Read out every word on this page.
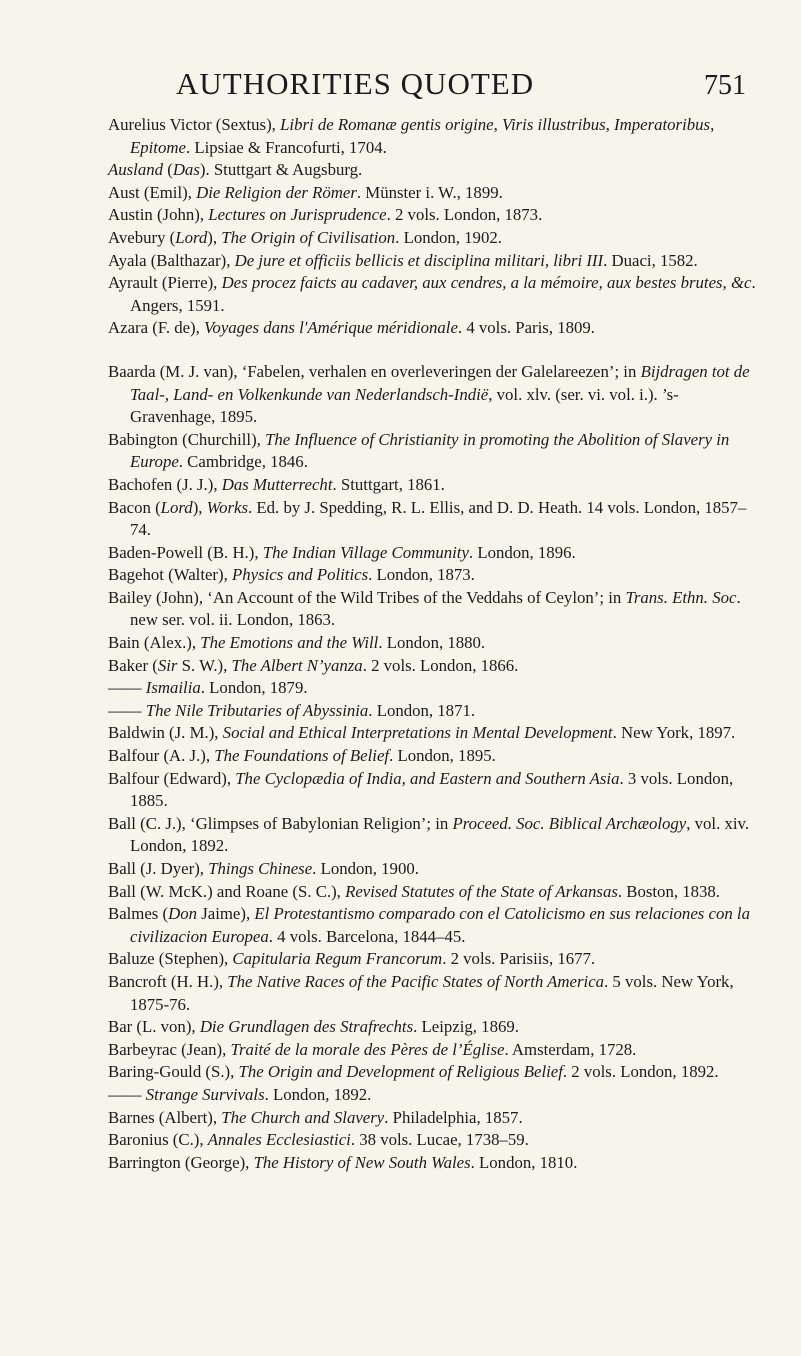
AUTHORITIES QUOTED	751

Aurelius Victor (Sextus), Libri de Romanæ gentis origine, Viris illustribus, Imperatoribus, Epitome. Lipsiae & Francofurti, 1704.

Ausland (Das). Stuttgart & Augsburg.

Aust (Emil), Die Religion der Römer. Münster i. W., 1899.

Austin (John), Lectures on Jurisprudence. 2 vols. London, 1873.

Avebury (Lord), The Origin of Civilisation. London, 1902.

Ayala (Balthazar), De jure et officiis bellicis et disciplina militari, libri III. Duaci, 1582.

Ayrault (Pierre), Des procez faicts au cadaver, aux cendres, a la mémoire, aux bestes brutes, &c. Angers, 1591.

Azara (F. de), Voyages dans l'Amérique méridionale. 4 vols. Paris, 1809.

Baarda (M. J. van), ‘Fabelen, verhalen en overleveringen der Galelareezen’; in Bijdragen tot de Taal-, Land- en Volkenkunde van Nederlandsch-Indië, vol. xlv. (ser. vi. vol. i.). ’s-Gravenhage, 1895.

Babington (Churchill), The Influence of Christianity in promoting the Abolition of Slavery in Europe. Cambridge, 1846.

Bachofen (J. J.), Das Mutterrecht. Stuttgart, 1861.

Bacon (Lord), Works. Ed. by J. Spedding, R. L. Ellis, and D. D. Heath. 14 vols. London, 1857–74.

Baden-Powell (B. H.), The Indian Village Community. London, 1896.

Bagehot (Walter), Physics and Politics. London, 1873.

Bailey (John), ‘An Account of the Wild Tribes of the Veddahs of Ceylon’; in Trans. Ethn. Soc. new ser. vol. ii. London, 1863.

Bain (Alex.), The Emotions and the Will. London, 1880.

Baker (Sir S. W.), The Albert N’yanza. 2 vols. London, 1866.

—— Ismailia. London, 1879.

—— The Nile Tributaries of Abyssinia. London, 1871.

Baldwin (J. M.), Social and Ethical Interpretations in Mental Development. New York, 1897.

Balfour (A. J.), The Foundations of Belief. London, 1895.

Balfour (Edward), The Cyclopædia of India, and Eastern and Southern Asia. 3 vols. London, 1885.

Ball (C. J.), ‘Glimpses of Babylonian Religion’; in Proceed. Soc. Biblical Archæology, vol. xiv. London, 1892.

Ball (J. Dyer), Things Chinese. London, 1900.

Ball (W. McK.) and Roane (S. C.), Revised Statutes of the State of Arkansas. Boston, 1838.

Balmes (Don Jaime), El Protestantismo comparado con el Catolicismo en sus relaciones con la civilizacion Europea. 4 vols. Barcelona, 1844–45.

Baluze (Stephen), Capitularia Regum Francorum. 2 vols. Parisiis, 1677.

Bancroft (H. H.), The Native Races of the Pacific States of North America. 5 vols. New York, 1875-76.

Bar (L. von), Die Grundlagen des Strafrechts. Leipzig, 1869.

Barbeyrac (Jean), Traité de la morale des Pères de l’Église. Amsterdam, 1728.

Baring-Gould (S.), The Origin and Development of Religious Belief. 2 vols. London, 1892.

—— Strange Survivals. London, 1892.

Barnes (Albert), The Church and Slavery. Philadelphia, 1857.

Baronius (C.), Annales Ecclesiastici. 38 vols. Lucae, 1738–59.

Barrington (George), The History of New South Wales. London, 1810.
